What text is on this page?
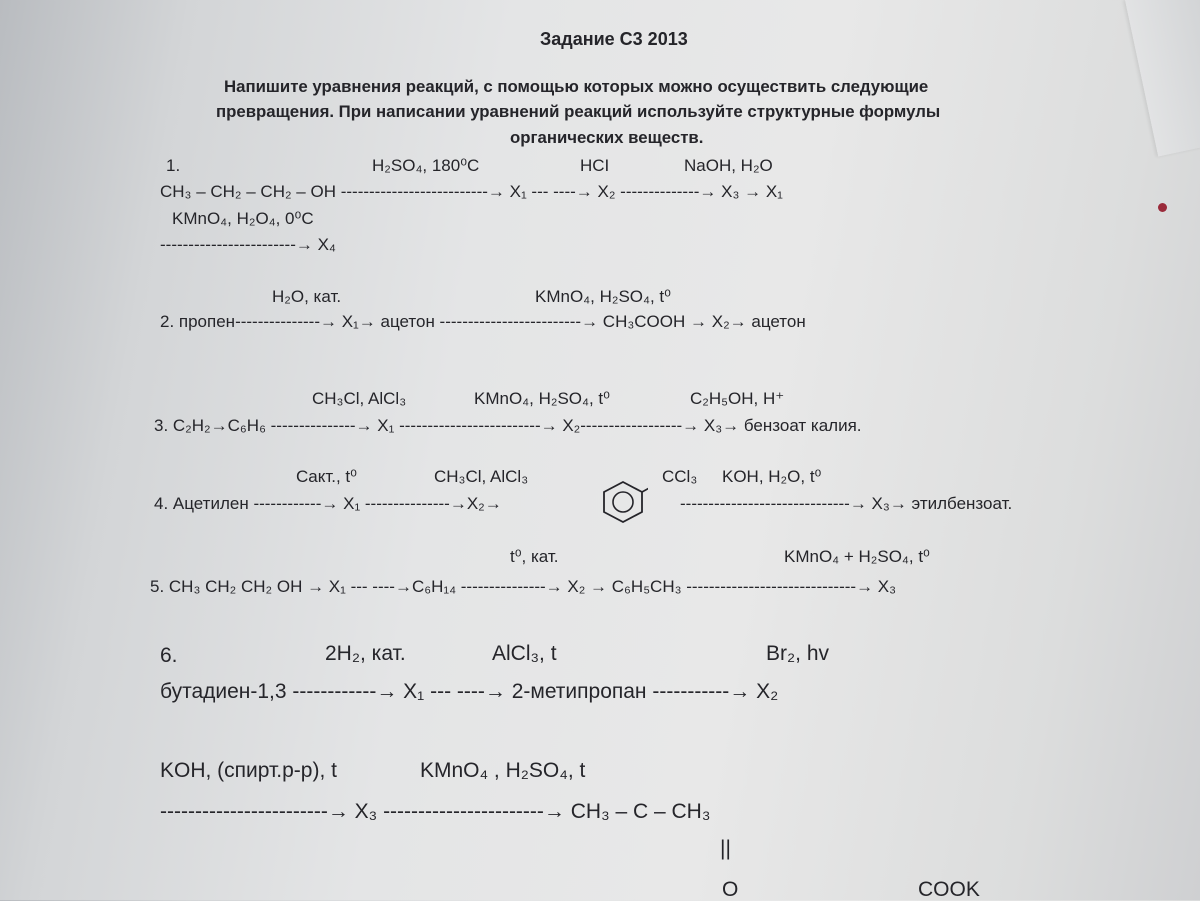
Задание С3 2013
Напишите уравнения реакций, с помощью которых можно осуществить следующие
превращения. При написании уравнений реакций используйте структурные формулы
органических веществ.
1.	H₂SO₄, 180⁰C	HCI	NaOH, H₂O
CH₃ – CH₂ – CH₂ – OH --------------------------→ X₁ --- ----→ X₂ --------------→ X₃ → X₁
KMnO₄, H₂O₄, 0⁰C
------------------------→ X₄
H₂O, кат.	KMnO₄, H₂SO₄, t⁰
2. пропен---------------→ X₁→ ацетон -------------------------→ CH₃COOH → X₂→ ацетон
CH₃Cl, AlCl₃	KMnO₄, H₂SO₄, t⁰	C₂H₅OH, H⁺
3. C₂H₂→C₆H₆ ---------------→ X₁ -------------------------→ X₂------------------→ X₃→ бензоат калия.
Cакт., t⁰	CH₃Cl, AlCl₃	CCl₃ KOH, H₂O, t⁰
4. Ацетилен ------------→ X₁ ---------------→X₂→	------------------------------→ X₃→ этилбензоат.
t⁰, кат.	KMnO₄ + H₂SO₄, t⁰
5. CH₃ CH₂ CH₂ OH → X₁ --- ----→C₆H₁₄ ---------------→ X₂ → C₆H₅CH₃ ------------------------------→ X₃
6.	2H₂, кат.	AlCl₃, t	Br₂, hv
бутадиен-1,3 ------------→ X₁ --- ----→ 2-метипропан -----------→ X₂
KOH, (спирт.р-р), t	KMnO₄ , H₂SO₄, t
------------------------→ X₃ -----------------------→ CH₃ – C – CH₃
||
O	COOK
